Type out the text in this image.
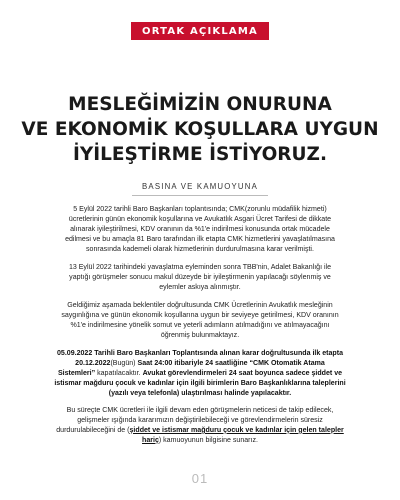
ORTAK AÇIKLAMA
MESLEĞİMİZİN ONURUNA
VE EKONOMİK KOŞULLARA UYGUN
İYİLEŞTİRME İSTİYORUZ.
BASINA VE KAMUOYUNA
5 Eylül 2022 tarihli Baro Başkanları toplantısında; CMK(zorunlu müdafilik hizmeti)
ücretlerinin günün ekonomik koşullarına ve Avukatlık Asgari Ücret Tarifesi de dikkate
alınarak iyileştirilmesi, KDV oranının da %1'e indirilmesi konusunda ortak mücadele
edilmesi ve bu amaçla 81 Baro tarafından ilk etapta CMK hizmetlerini yavaşlatılmasına
sonrasında kademeli olarak hizmetlerinin durdurulmasına karar verilmişti.
13 Eylül 2022 tarihindeki yavaşlatma eyleminden sonra TBB'nin, Adalet Bakanlığı ile
yaptığı görüşmeler sonucu makul düzeyde bir iyileştirmenin yapılacağı söylenmiş ve
eylemler askıya alınmıştır.
Geldiğimiz aşamada beklentiler doğrultusunda CMK Ücretlerinin Avukatlık mesleğinin
saygınlığına ve günün ekonomik koşullarına uygun bir seviyeye getirilmesi, KDV oranının
%1'e indirilmesine yönelik somut ve yeterli adımların atılmadığını ve atılmayacağını
öğrenmiş bulunmaktayız.
05.09.2022 Tarihli Baro Başkanları Toplantısında alınan karar doğrultusunda ilk etapta
20.12.2022(Bugün) Saat 24:00 itibariyle 24 saatliğine “CMK Otomatik Atama
Sistemleri” kapatılacaktır. Avukat görevlendirmeleri 24 saat boyunca sadece şiddet ve
istismar mağduru çocuk ve kadınlar için ilgili birimlerin Baro Başkanlıklarına taleplerini
(yazılı veya telefonla) ulaştırılması halinde yapılacaktır.
Bu süreçte CMK ücretleri ile ilgili devam eden görüşmelerin neticesi de takip edilecek,
gelişmeler ışığında kararımızın değiştirilebileceği ve görevlendirmelerin süresiz
durdurulabileceğini de (şiddet ve istismar mağduru çocuk ve kadınlar için gelen talepler
hariç) kamuoyunun bilgisine sunarız.
01
